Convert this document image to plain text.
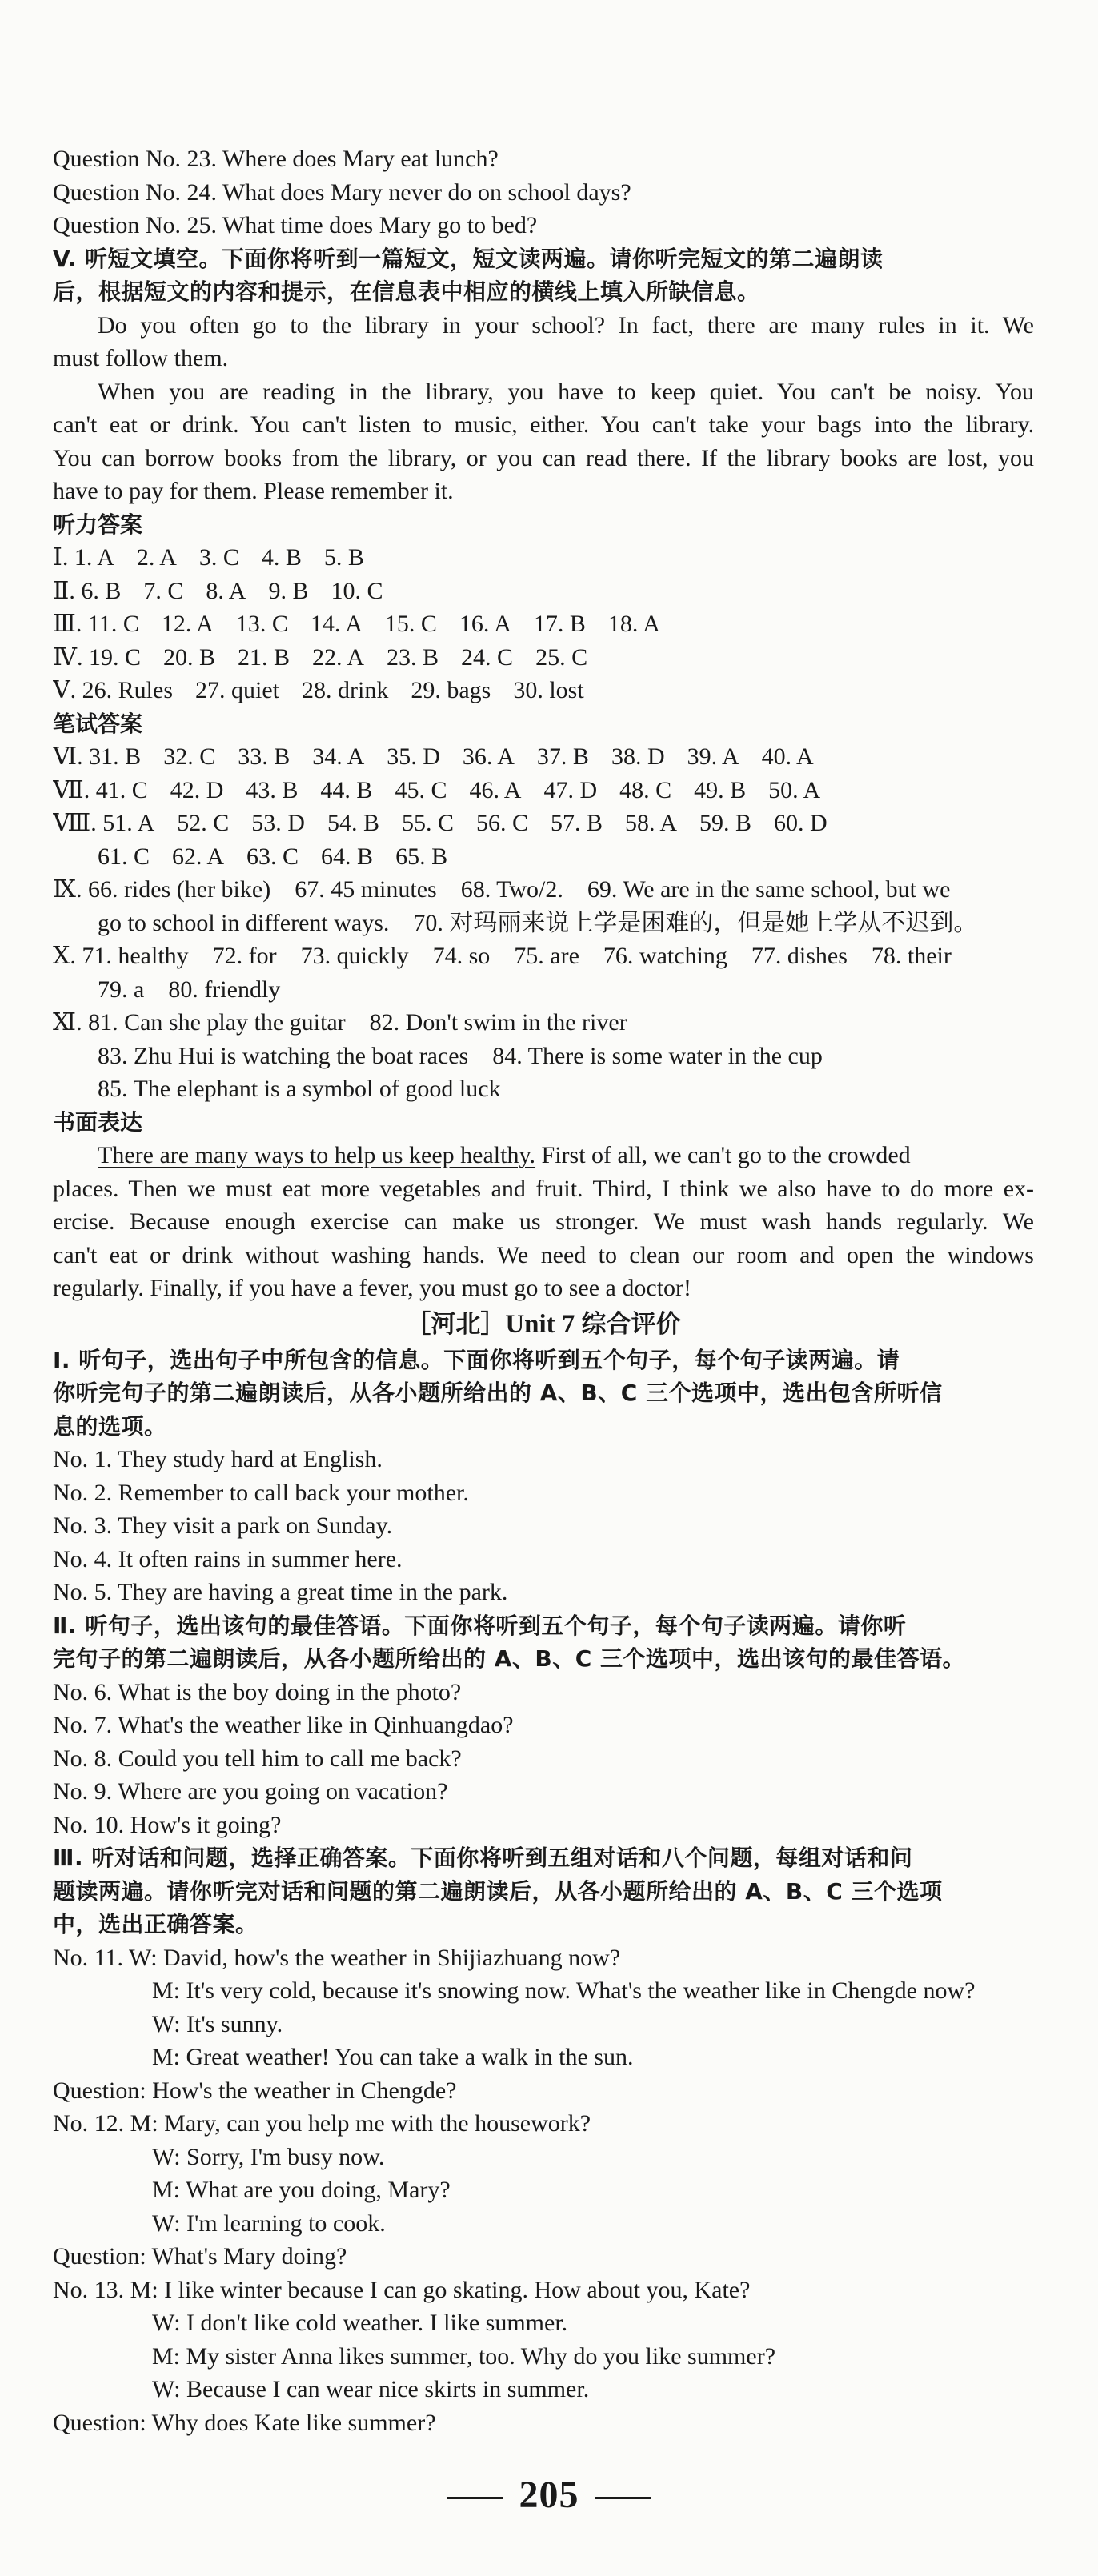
Question No. 23. Where does Mary eat lunch?
Question No. 24. What does Mary never do on school days?
Question No. 25. What time does Mary go to bed?
V. 听短文填空。下面你将听到一篇短文，短文读两遍。请你听完短文的第二遍朗读
后，根据短文的内容和提示，在信息表中相应的横线上填入所缺信息。
Do you often go to the library in your school? In fact, there are many rules in it. We
must follow them.
When you are reading in the library, you have to keep quiet. You can't be noisy. You
can't eat or drink. You can't listen to music, either. You can't take your bags into the library.
You can borrow books from the library, or you can read there. If the library books are lost, you
have to pay for them. Please remember it.
听力答案
Ⅰ. 1. A 2. A 3. C 4. B 5. B
Ⅱ. 6. B 7. C 8. A 9. B 10. C
Ⅲ. 11. C 12. A 13. C 14. A 15. C 16. A 17. B 18. A
Ⅳ. 19. C 20. B 21. B 22. A 23. B 24. C 25. C
Ⅴ. 26. Rules 27. quiet 28. drink 29. bags 30. lost
笔试答案
Ⅵ. 31. B 32. C 33. B 34. A 35. D 36. A 37. B 38. D 39. A 40. A
Ⅶ. 41. C 42. D 43. B 44. B 45. C 46. A 47. D 48. C 49. B 50. A
Ⅷ. 51. A 52. C 53. D 54. B 55. C 56. C 57. B 58. A 59. B 60. D
61. C 62. A 63. C 64. B 65. B
Ⅸ. 66. rides (her bike)    67. 45 minutes    68. Two/2.    69. We are in the same school, but we
go to school in different ways.    70. 对玛丽来说上学是困难的，但是她上学从不迟到。
Ⅹ. 71. healthy    72. for    73. quickly    74. so    75. are    76. watching    77. dishes    78. their
79. a    80. friendly
Ⅺ. 81. Can she play the guitar    82. Don't swim in the river
83. Zhu Hui is watching the boat races    84. There is some water in the cup
85. The elephant is a symbol of good luck
书面表达
There are many ways to help us keep healthy. First of all, we can't go to the crowded
places. Then we must eat more vegetables and fruit. Third, I think we also have to do more ex-
ercise. Because enough exercise can make us stronger. We must wash hands regularly. We
can't eat or drink without washing hands. We need to clean our room and open the windows
regularly. Finally, if you have a fever, you must go to see a doctor!
［河北］Unit 7 综合评价
Ⅰ. 听句子，选出句子中所包含的信息。下面你将听到五个句子，每个句子读两遍。请
你听完句子的第二遍朗读后，从各小题所给出的 A、B、C 三个选项中，选出包含所听信
息的选项。
No. 1. They study hard at English.
No. 2. Remember to call back your mother.
No. 3. They visit a park on Sunday.
No. 4. It often rains in summer here.
No. 5. They are having a great time in the park.
Ⅱ. 听句子，选出该句的最佳答语。下面你将听到五个句子，每个句子读两遍。请你听
完句子的第二遍朗读后，从各小题所给出的 A、B、C 三个选项中，选出该句的最佳答语。
No. 6. What is the boy doing in the photo?
No. 7. What's the weather like in Qinhuangdao?
No. 8. Could you tell him to call me back?
No. 9. Where are you going on vacation?
No. 10. How's it going?
Ⅲ. 听对话和问题，选择正确答案。下面你将听到五组对话和八个问题，每组对话和问
题读两遍。请你听完对话和问题的第二遍朗读后，从各小题所给出的 A、B、C 三个选项
中，选出正确答案。
No. 11. W: David, how's the weather in Shijiazhuang now?
M: It's very cold, because it's snowing now. What's the weather like in Chengde now?
W: It's sunny.
M: Great weather! You can take a walk in the sun.
Question: How's the weather in Chengde?
No. 12. M: Mary, can you help me with the housework?
W: Sorry, I'm busy now.
M: What are you doing, Mary?
W: I'm learning to cook.
Question: What's Mary doing?
No. 13. M: I like winter because I can go skating. How about you, Kate?
W: I don't like cold weather. I like summer.
M: My sister Anna likes summer, too. Why do you like summer?
W: Because I can wear nice skirts in summer.
Question: Why does Kate like summer?
205
